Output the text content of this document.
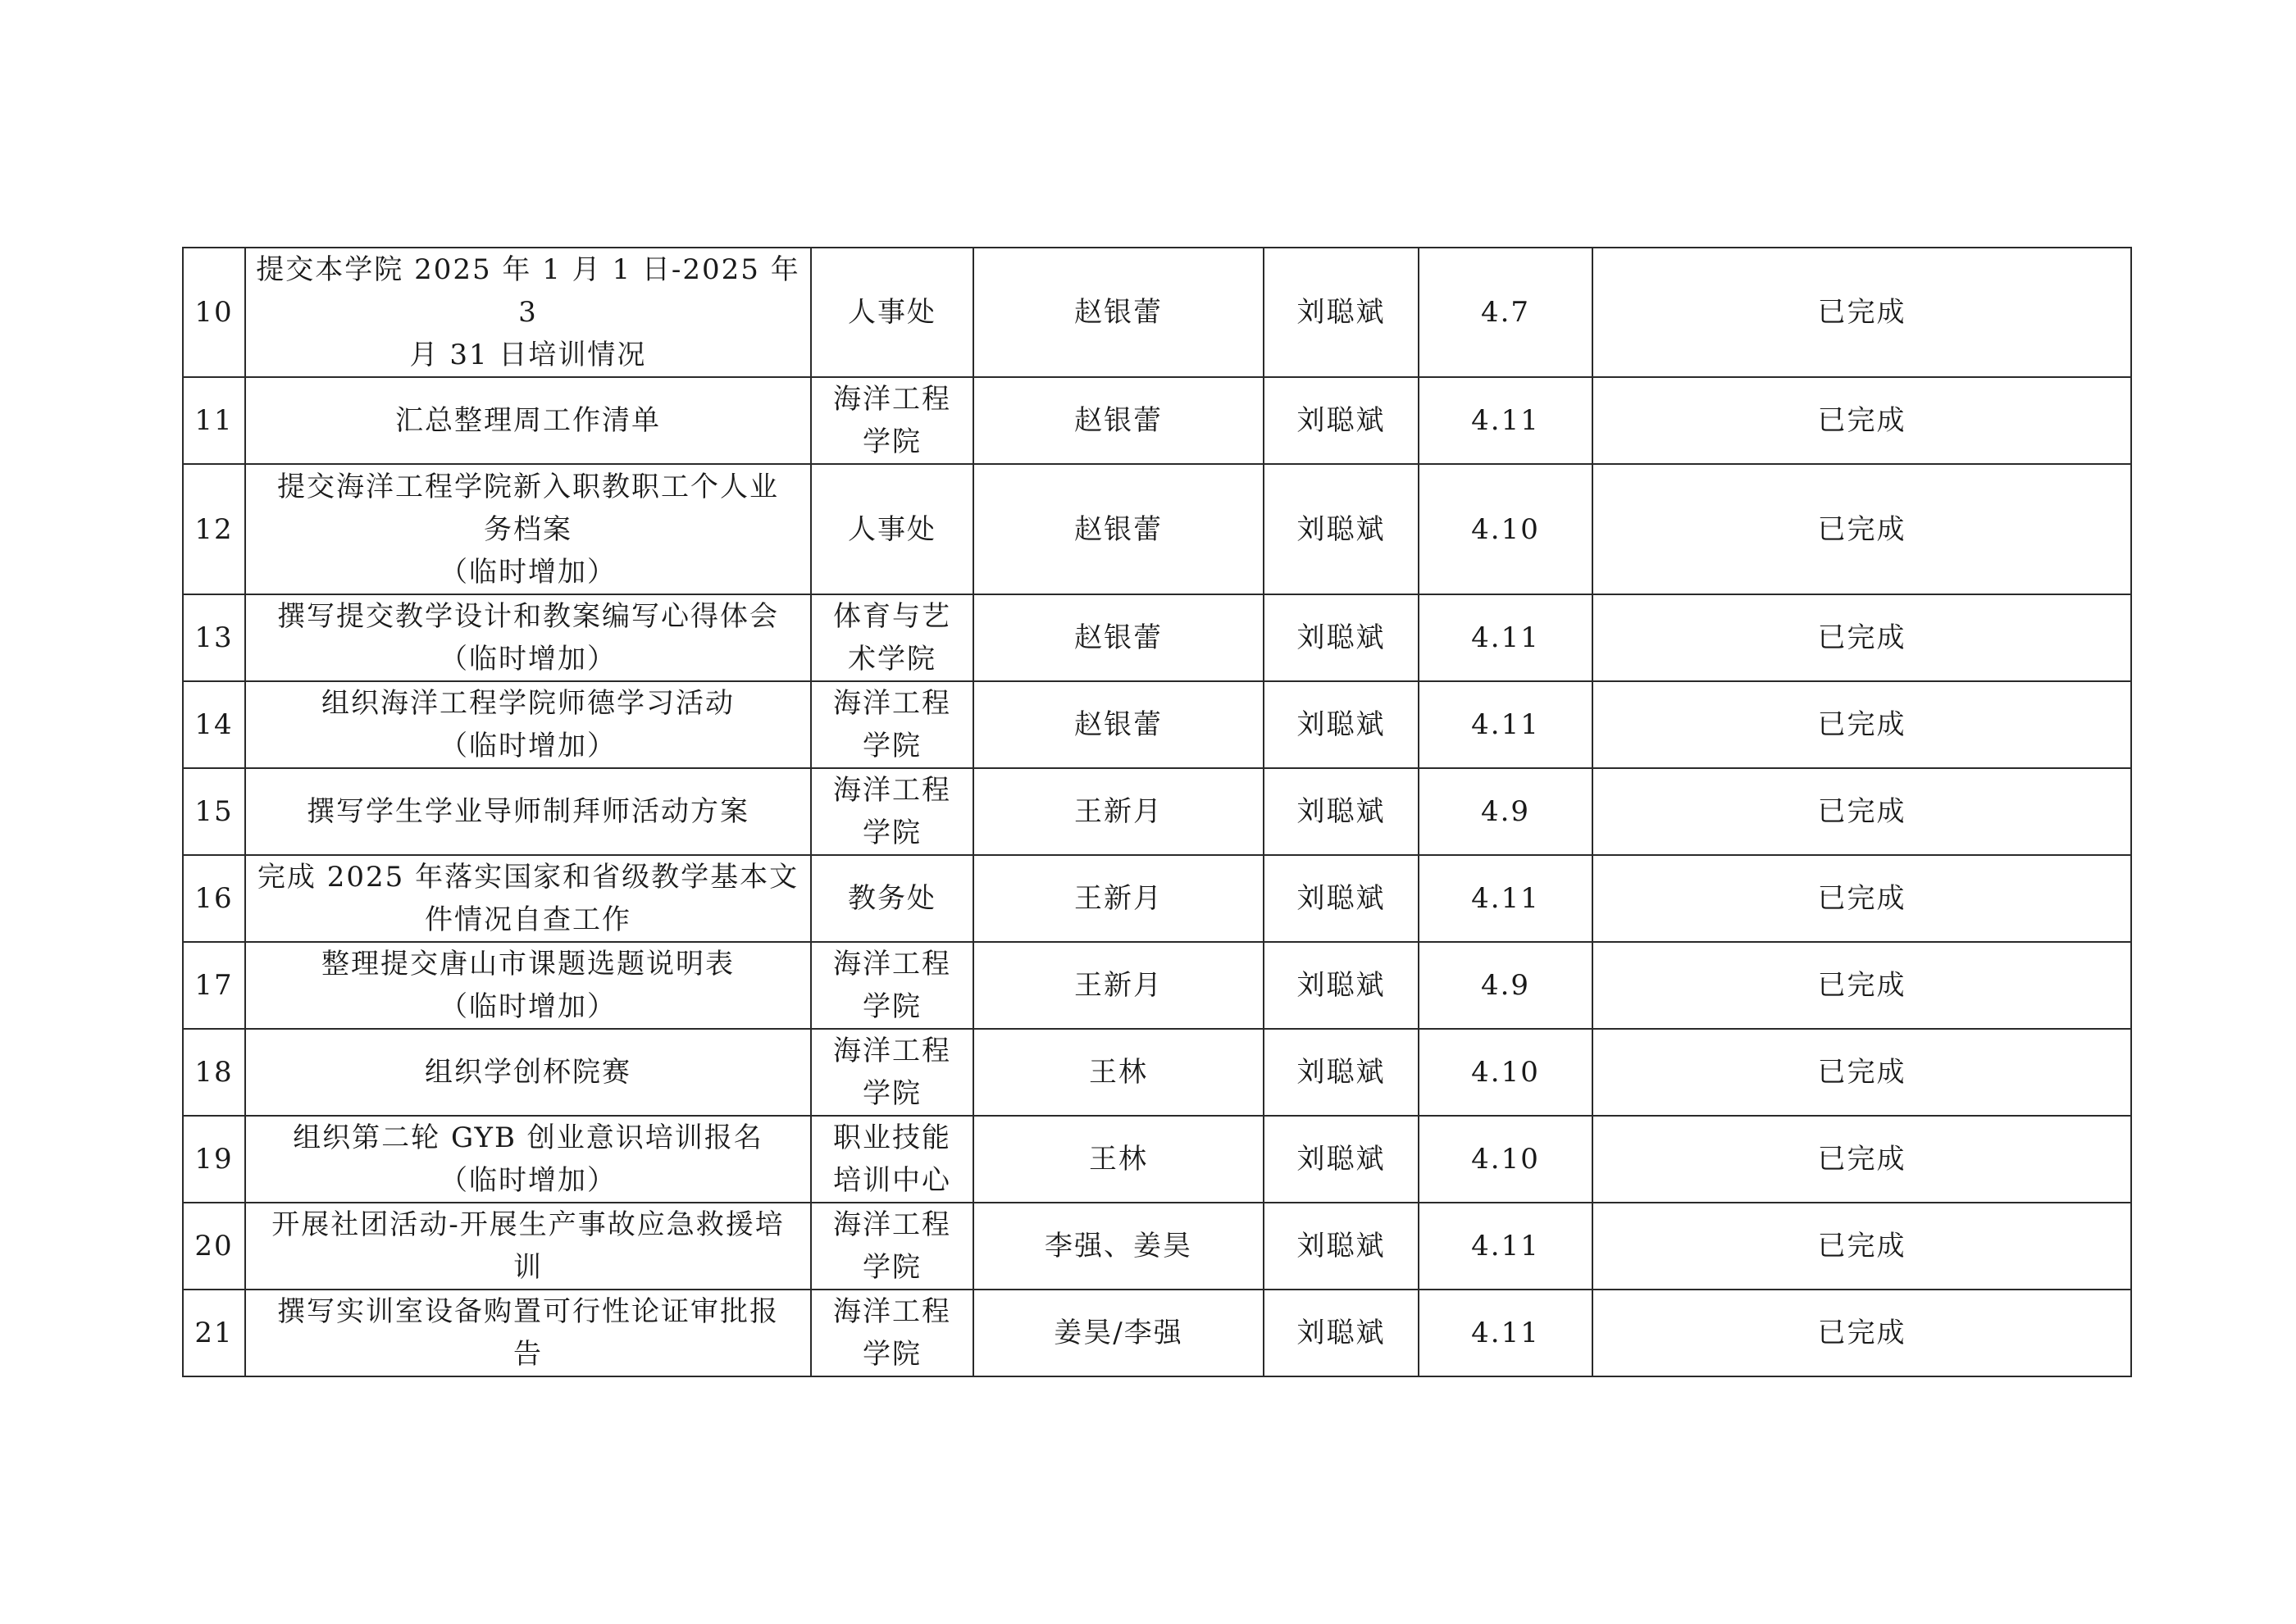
10	提交本学院 2025 年 1 月 1 日-2025 年 3
月 31 日培训情况	人事处	赵银蕾	刘聪斌	4.7	已完成
11	汇总整理周工作清单	海洋工程
学院	赵银蕾	刘聪斌	4.11	已完成
12	提交海洋工程学院新入职教职工个人业
务档案
（临时增加）	人事处	赵银蕾	刘聪斌	4.10	已完成
13	撰写提交教学设计和教案编写心得体会
（临时增加）	体育与艺
术学院	赵银蕾	刘聪斌	4.11	已完成
14	组织海洋工程学院师德学习活动
（临时增加）	海洋工程
学院	赵银蕾	刘聪斌	4.11	已完成
15	撰写学生学业导师制拜师活动方案	海洋工程
学院	王新月	刘聪斌	4.9	已完成
16	完成 2025 年落实国家和省级教学基本文
件情况自查工作	教务处	王新月	刘聪斌	4.11	已完成
17	整理提交唐山市课题选题说明表
（临时增加）	海洋工程
学院	王新月	刘聪斌	4.9	已完成
18	组织学创杯院赛	海洋工程
学院	王林	刘聪斌	4.10	已完成
19	组织第二轮 GYB 创业意识培训报名
（临时增加）	职业技能
培训中心	王林	刘聪斌	4.10	已完成
20	开展社团活动-开展生产事故应急救援培
训	海洋工程
学院	李强、姜昊	刘聪斌	4.11	已完成
21	撰写实训室设备购置可行性论证审批报
告	海洋工程
学院	姜昊/李强	刘聪斌	4.11	已完成
